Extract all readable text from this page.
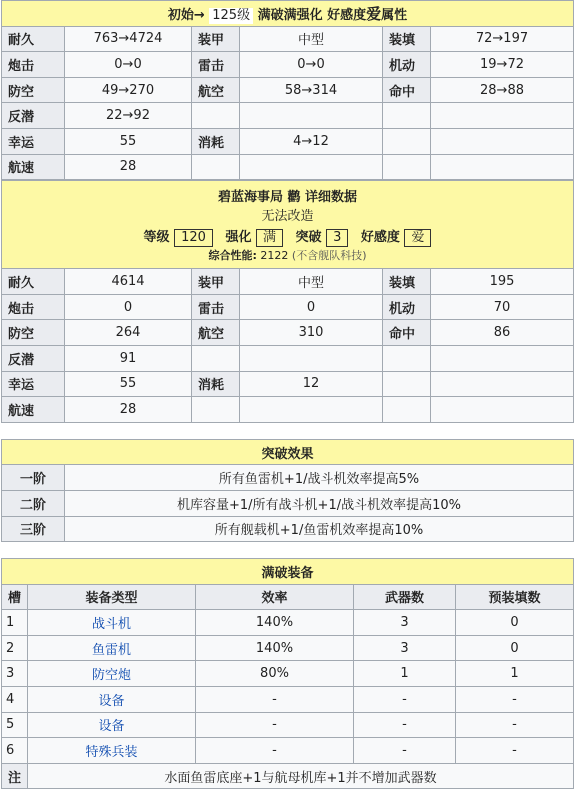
初始→ 125级 满破满强化 好感度爱属性					
耐久	763→4724	装甲	中型	装填	72→197
炮击	0→0	雷击	0→0	机动	19→72
防空	49→270	航空	58→314	命中	28→88
反潜	22→92				
幸运	55	消耗	4→12		
航速	28				
碧蓝海事局 鹳 详细数据
无法改造
等级 120 强化 满 突破 3 好感度 爱
综合性能: 2122 (不含舰队科技)					

耐久	4614	装甲	中型	装填	195
炮击	0	雷击	0	机动	70
防空	264	航空	310	命中	86
反潜	91				
幸运	55	消耗	12		
航速	28				
突破效果	
一阶	所有鱼雷机+1/战斗机效率提高5%
二阶	机库容量+1/所有战斗机+1/战斗机效率提高10%
三阶	所有舰载机+1/鱼雷机效率提高10%
满破装备				
槽	装备类型	效率	武器数	预装填数
1	战斗机	140%	3	0
2	鱼雷机	140%	3	0
3	防空炮	80%	1	1
4	设备	-	-	-
5	设备	-	-	-
6	特殊兵装	-	-	-
注	水面鱼雷底座+1与航母机库+1并不增加武器数			
